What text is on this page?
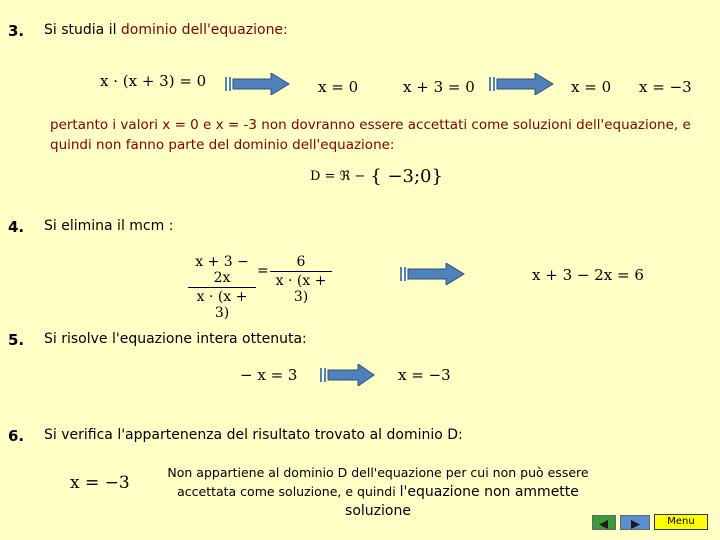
3. Si studia il dominio dell'equazione:
x · (x + 3) = 0	x = 0	x + 3 = 0	x = 0 x = −3
pertanto i valori x = 0 e x = -3 non dovranno essere accettati come soluzioni dell'equazione, e
quindi non fanno parte del dominio dell'equazione:
D = ℜ − { −3;0}
4. Si elimina il mcm :
x + 3 − 2x
x · (x + 3)
=
6
x · (x + 3)
x + 3 − 2x = 6
5. Si risolve l'equazione intera ottenuta:
− x = 3	x = −3
6. Si verifica l'appartenenza del risultato trovato al dominio D:
x = −3
Non appartiene al dominio D dell'equazione per cui non può essere
accettata come soluzione, e quindi l'equazione non ammette
soluzione
Menu
